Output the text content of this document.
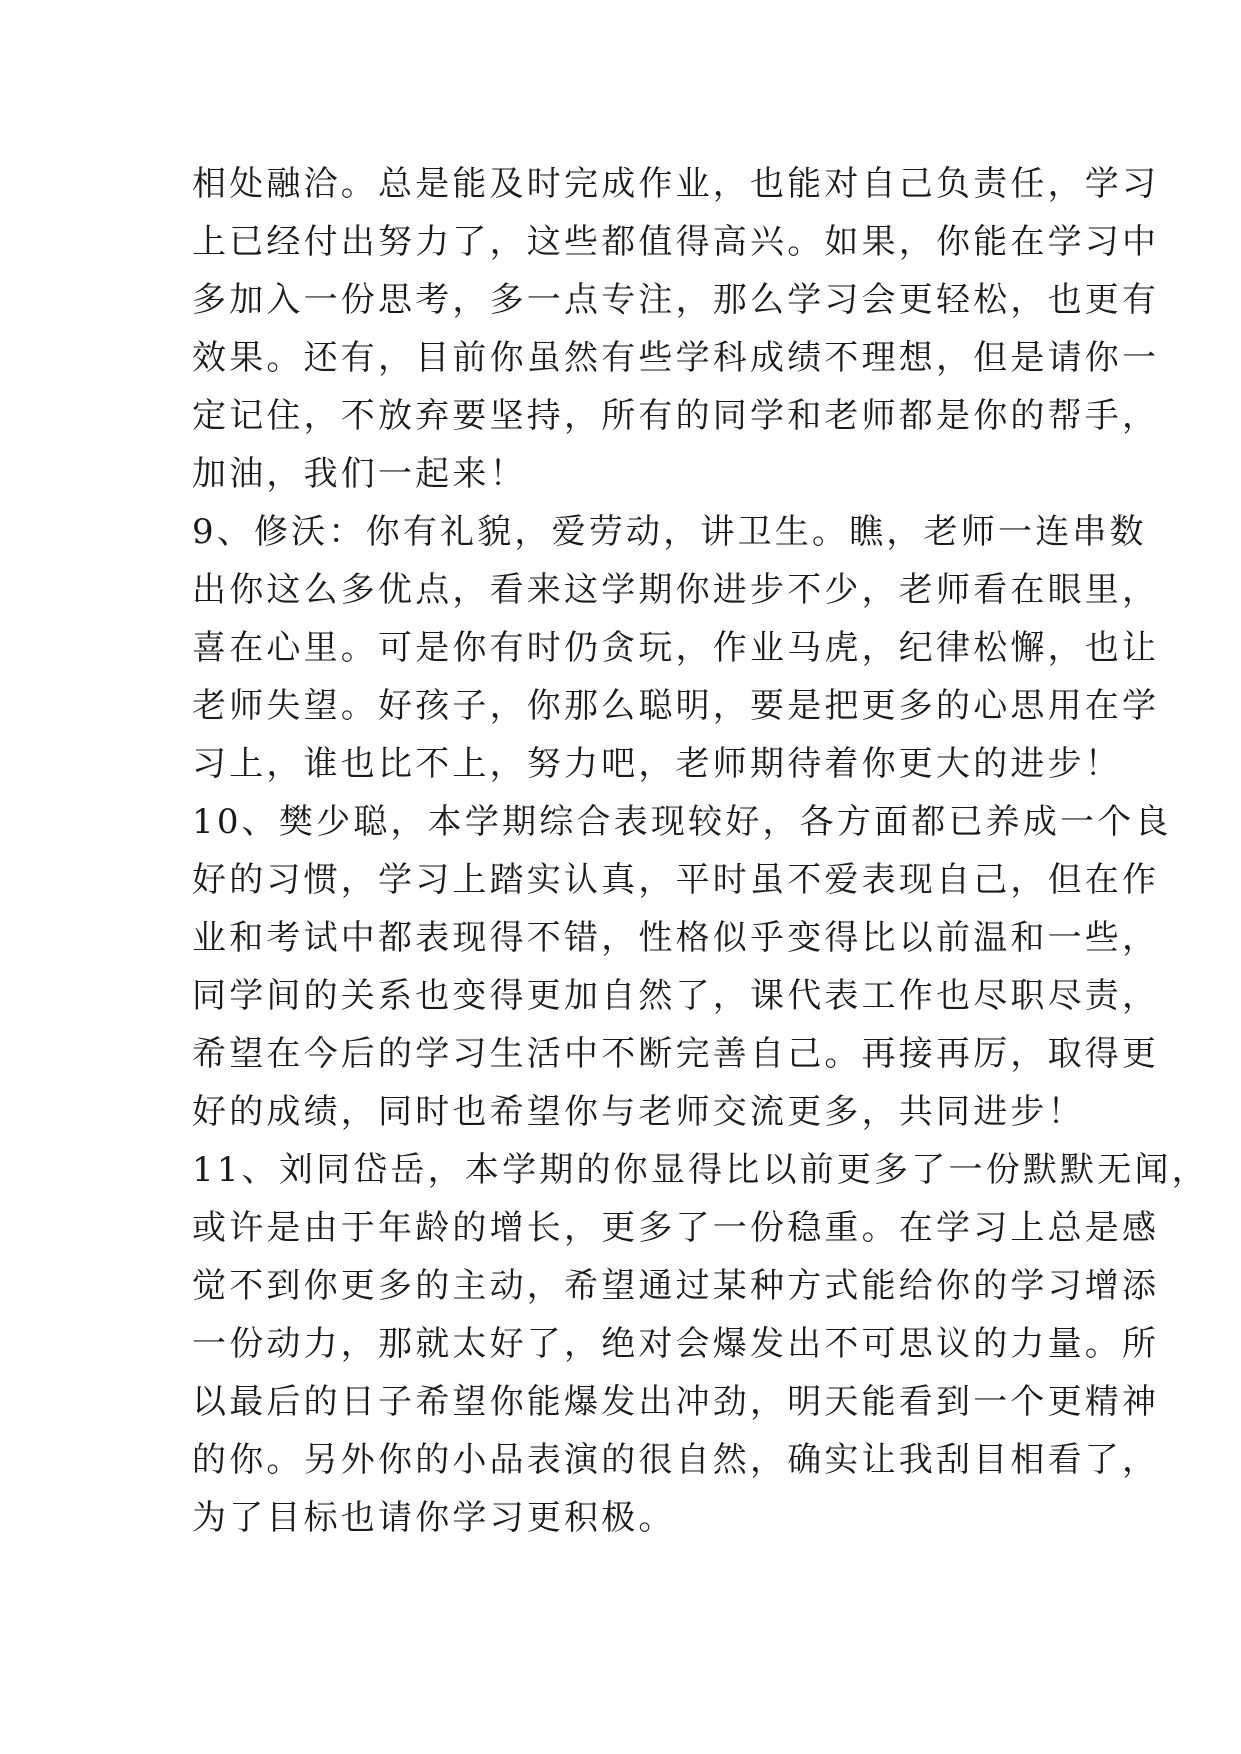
相处融洽。总是能及时完成作业，也能对自己负责任，学习
上已经付出努力了，这些都值得高兴。如果，你能在学习中
多加入一份思考，多一点专注，那么学习会更轻松，也更有
效果。还有，目前你虽然有些学科成绩不理想，但是请你一
定记住，不放弃要坚持，所有的同学和老师都是你的帮手，
加油，我们一起来！
9、修沃：你有礼貌，爱劳动，讲卫生。瞧，老师一连串数
出你这么多优点，看来这学期你进步不少，老师看在眼里，
喜在心里。可是你有时仍贪玩，作业马虎，纪律松懈，也让
老师失望。好孩子，你那么聪明，要是把更多的心思用在学
习上，谁也比不上，努力吧，老师期待着你更大的进步！
10、樊少聪，本学期综合表现较好，各方面都已养成一个良
好的习惯，学习上踏实认真，平时虽不爱表现自己，但在作
业和考试中都表现得不错，性格似乎变得比以前温和一些，
同学间的关系也变得更加自然了，课代表工作也尽职尽责，
希望在今后的学习生活中不断完善自己。再接再厉，取得更
好的成绩，同时也希望你与老师交流更多，共同进步！
11、刘同岱岳，本学期的你显得比以前更多了一份默默无闻，
或许是由于年龄的增长，更多了一份稳重。在学习上总是感
觉不到你更多的主动，希望通过某种方式能给你的学习增添
一份动力，那就太好了，绝对会爆发出不可思议的力量。所
以最后的日子希望你能爆发出冲劲，明天能看到一个更精神
的你。另外你的小品表演的很自然，确实让我刮目相看了，
为了目标也请你学习更积极。
